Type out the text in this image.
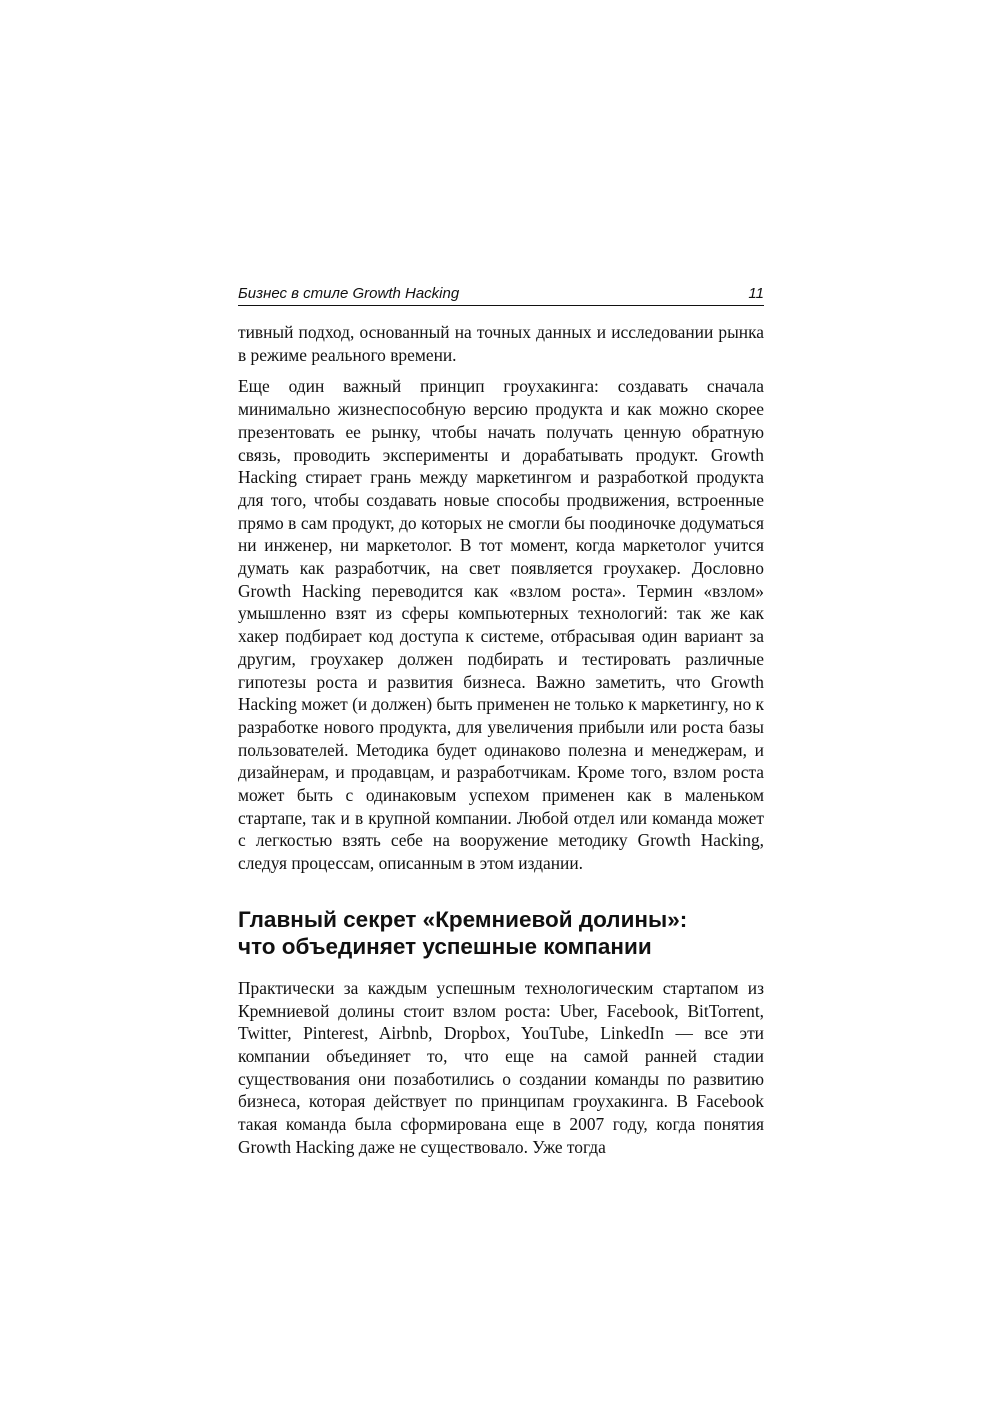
Бизнес в стиле Growth Hacking	11

тивный подход, основанный на точных данных и исследовании рынка в режиме реального времени.

Еще один важный принцип гроухакинга: создавать сначала минимально жизнеспособную версию продукта и как можно скорее презентовать ее рынку, чтобы начать получать ценную обратную связь, проводить эксперименты и дорабатывать продукт. Growth Hacking стирает грань между маркетингом и разработкой продукта для того, чтобы создавать новые способы продвижения, встроенные прямо в сам продукт, до которых не смогли бы поодиночке додуматься ни инженер, ни маркетолог. В тот момент, когда маркетолог учится думать как разработчик, на свет появляется гроухакер. Дословно Growth Hacking переводится как «взлом роста». Термин «взлом» умышленно взят из сферы компьютерных технологий: так же как хакер подбирает код доступа к системе, отбрасывая один вариант за другим, гроухакер должен подбирать и тестировать различные гипотезы роста и развития бизнеса. Важно заметить, что Growth Hacking может (и должен) быть применен не только к маркетингу, но к разработке нового продукта, для увеличения прибыли или роста базы пользователей. Методика будет одинаково полезна и менеджерам, и дизайнерам, и продавцам, и разработчикам. Кроме того, взлом роста может быть с одинаковым успехом применен как в маленьком стартапе, так и в крупной компании. Любой отдел или команда может с легкостью взять себе на вооружение методику Growth Hacking, следуя процессам, описанным в этом издании.

Главный секрет «Кремниевой долины»:
что объединяет успешные компании

Практически за каждым успешным технологическим стартапом из Кремниевой долины стоит взлом роста: Uber, Facebook, BitTorrent, Twitter, Pinterest, Airbnb, Dropbox, YouTube, LinkedIn — все эти компании объединяет то, что еще на самой ранней стадии существования они позаботились о создании команды по развитию бизнеса, которая действует по принципам гроухакинга. В Facebook такая команда была сформирована еще в 2007 году, когда понятия Growth Hacking даже не существовало. Уже тогда
